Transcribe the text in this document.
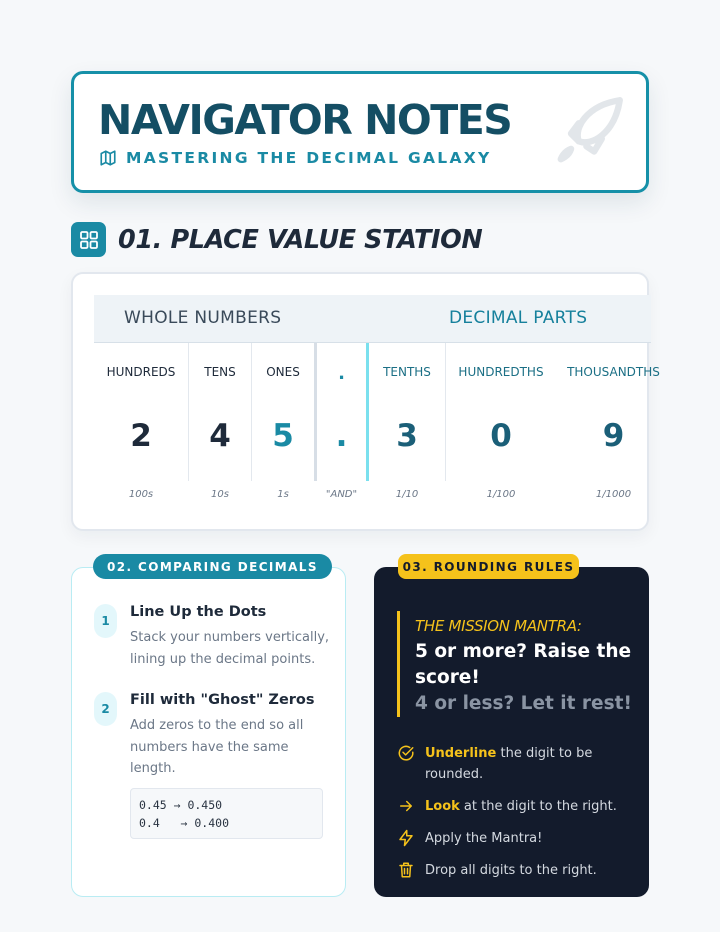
NAVIGATOR NOTES
MASTERING THE DECIMAL GALAXY
01. PLACE VALUE STATION
WHOLE NUMBERS	DECIMAL PARTS
HUNDREDS
2
100s
TENS
4
10s
ONES
5
1s
.
.
"AND"
TENTHS
3
1/10
HUNDREDTHS
0
1/100
THOUSANDTHS
9
1/1000
1
Line Up the Dots
Stack your numbers vertically, lining up the decimal points.
2
Fill with "Ghost" Zeros
Add zeros to the end so all numbers have the same length.
0.45 → 0.450
0.4   → 0.400
02. COMPARING DECIMALS	03. ROUNDING RULES
THE MISSION MANTRA:
5 or more? Raise the score!
4 or less? Let it rest!
Underline the digit to be rounded.
Look at the digit to the right.
Apply the Mantra!
Drop all digits to the right.
